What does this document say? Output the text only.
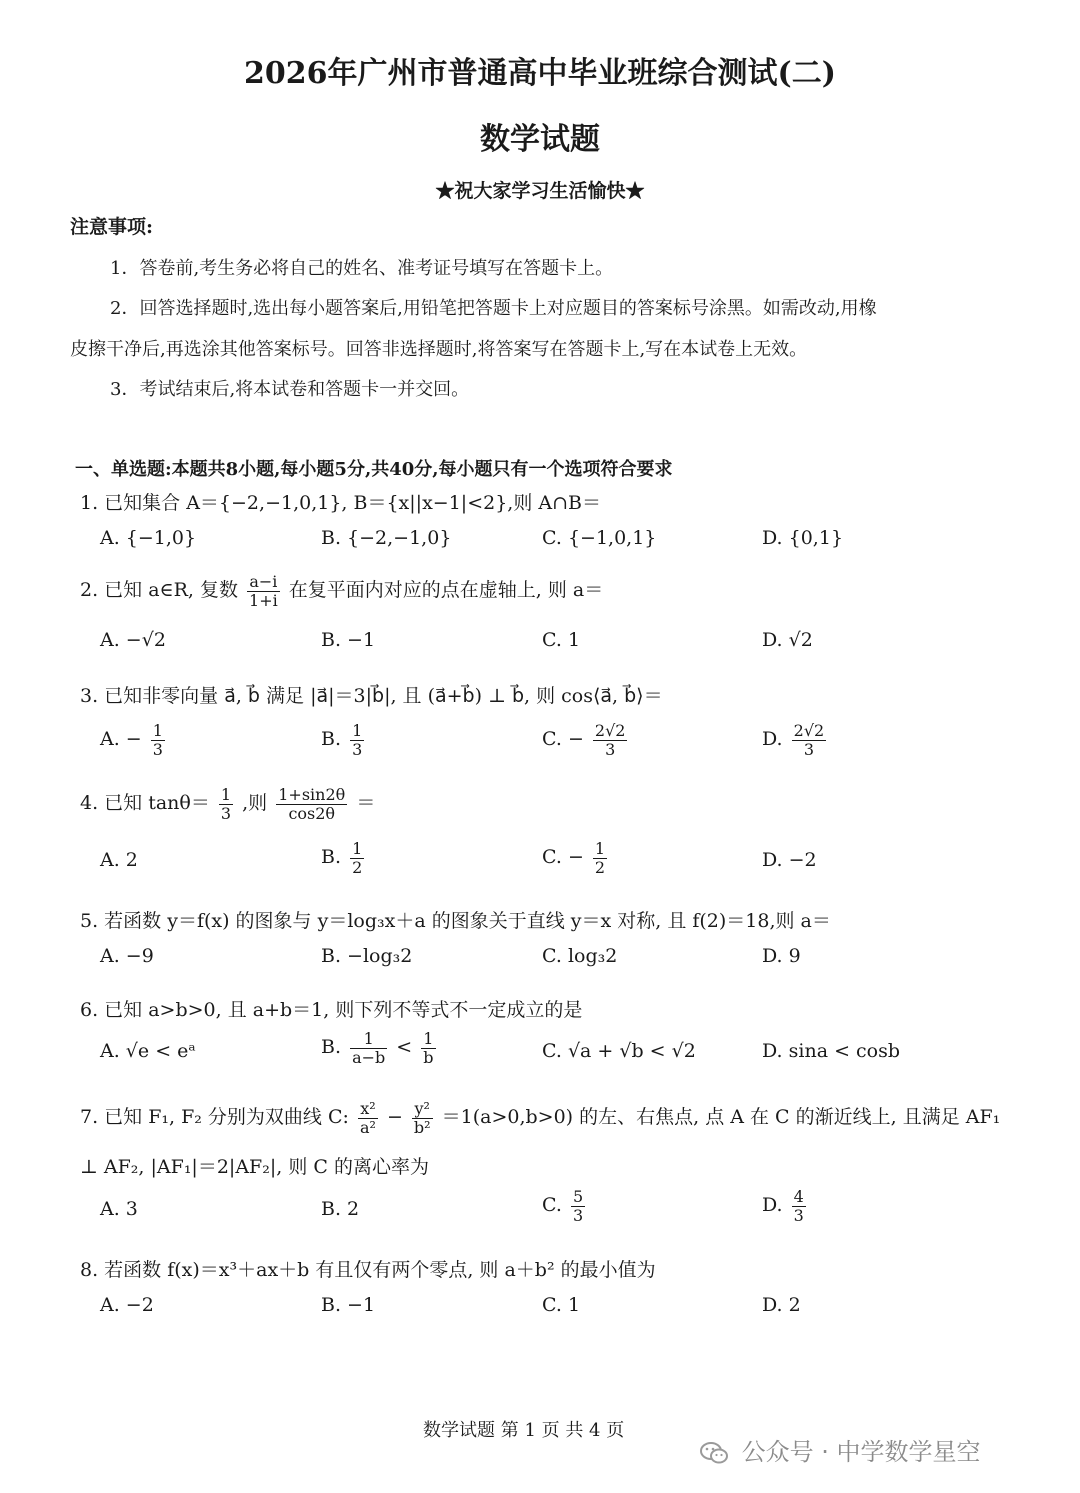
2026年广州市普通高中毕业班综合测试(二)
数学试题
★祝大家学习生活愉快★
注意事项:
1．答卷前,考生务必将自己的姓名、准考证号填写在答题卡上。
2．回答选择题时,选出每小题答案后,用铅笔把答题卡上对应题目的答案标号涂黑。如需改动,用橡
皮擦干净后,再选涂其他答案标号。回答非选择题时,将答案写在答题卡上,写在本试卷上无效。
3．考试结束后,将本试卷和答题卡一并交回。
一、单选题:本题共8小题,每小题5分,共40分,每小题只有一个选项符合要求
1. 已知集合 A＝{−2,−1,0,1}, B＝{x||x−1|<2},则 A∩B＝
A. {−1,0}	B. {−2,−1,0}	C. {−1,0,1}	D. {0,1}
2. 已知 a∈R, 复数 $\frac{a-i}{1+i}$ 在复平面内对应的点在虚轴上, 则 a＝
A. −√2	B. −1	C. 1	D. √2
3. 已知非零向量 a⃗, b⃗ 满足 |a⃗|＝3|b⃗|, 且 (a⃗+b⃗) ⊥ b⃗, 则 cos⟨a⃗, b⃗⟩＝
A. − $\frac{1}{3}$	B. $\frac{1}{3}$	C. − $\frac{2√2}{3}$	D. $\frac{2√2}{3}$
4. 已知 $\tan\theta= \frac{1}{3}$ ,则 $\frac{1+\sin 2\theta}{\cos 2\theta}$ ＝
A. 2	B. $\frac{1}{2}$	C. − $\frac{1}{2}$	D. −2
5. 若函数 y＝f(x) 的图象与 y＝log₃x＋a 的图象关于直线 y＝x 对称, 且 f(2)＝18,则 a＝
A. −9	B. −log₃2	C. log₃2	D. 9
6. 已知 a>b>0, 且 a+b＝1, 则下列不等式不一定成立的是
A. √e < eᵃ	B. $\frac{1}{a-b} < \frac{1}{b}$	C. √a + √b < √2	D. sina < cosb
7. 已知 F₁, F₂ 分别为双曲线 C: $\frac{\text{x²}}{\text{a²}} - \frac{\text{y²}}{\text{b²}} =1(a>0,b>0)$ 的左、右焦点, 点 A 在 C 的渐近线上, 且满足 AF₁
⊥ AF₂, |AF₁|＝2|AF₂|, 则 C 的离心率为
A. 3	B. 2	C. $\frac{5}{3}$	D. $\frac{4}{3}$
8. 若函数 f(x)＝x³＋ax＋b 有且仅有两个零点, 则 a＋b² 的最小值为
A. −2	B. −1	C. 1	D. 2
数学试题 第 1 页 共 4 页
公众号 · 中学数学星空
